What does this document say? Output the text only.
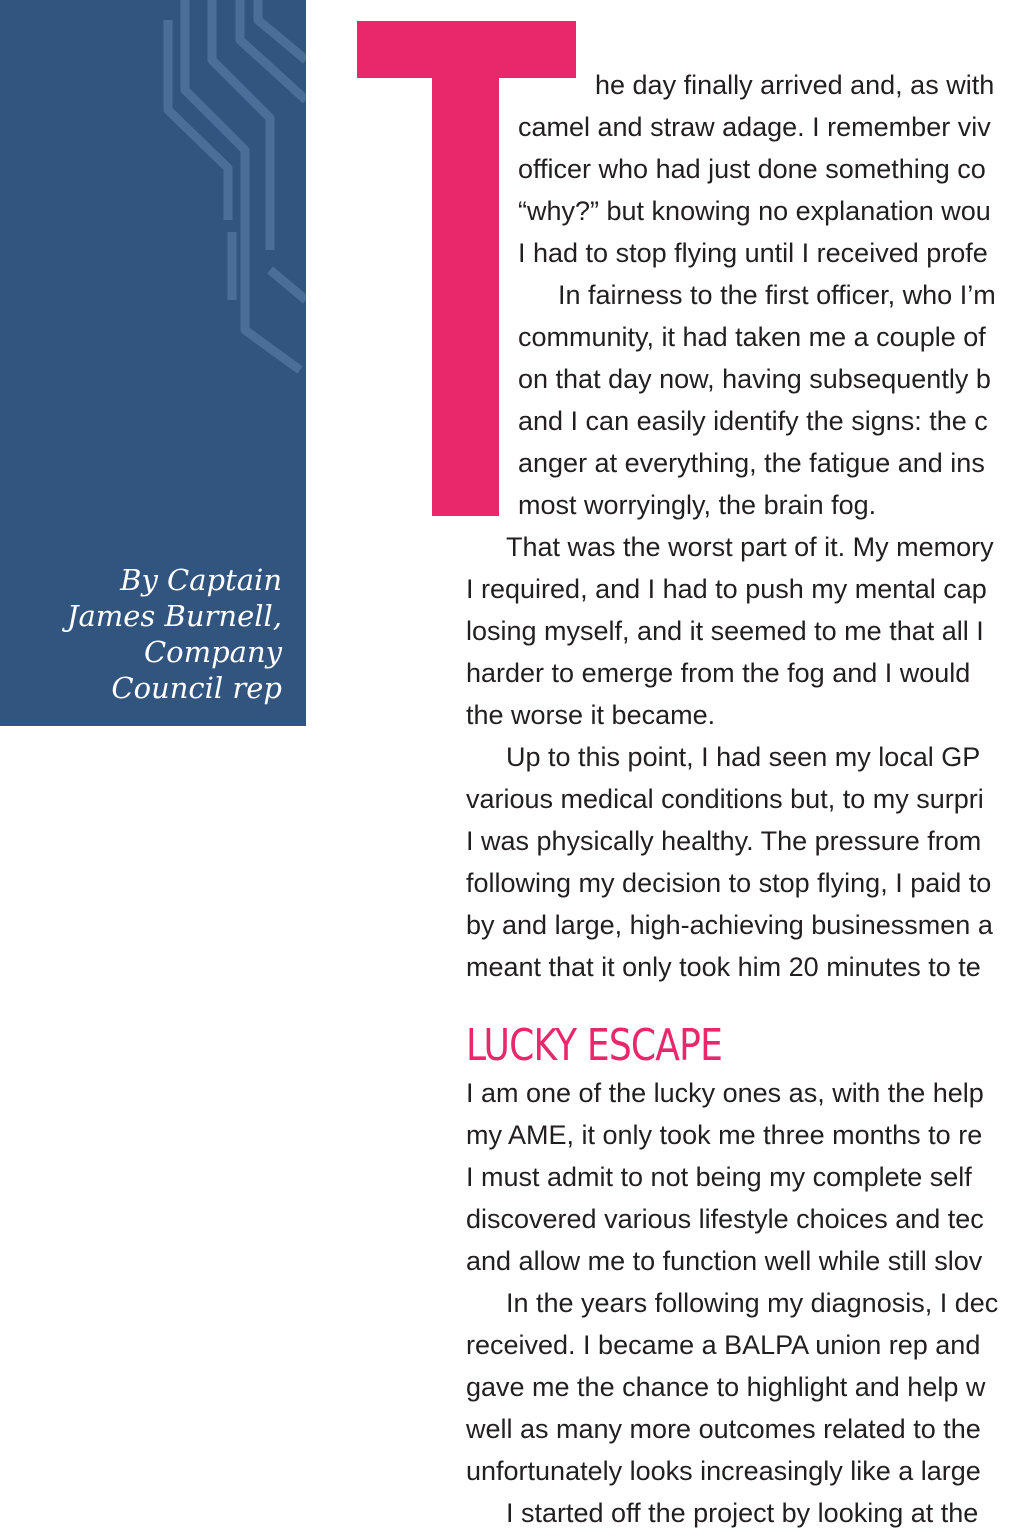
By Captain
James Burnell,
Company
Council rep
he day finally arrived and, as with
camel and straw adage. I remember viv
officer who had just done something co
“why?” but knowing no explanation wou
I had to stop flying until I received profe
In fairness to the first officer, who I’m
community, it had taken me a couple of
on that day now, having subsequently b
and I can easily identify the signs: the c
anger at everything, the fatigue and ins
most worryingly, the brain fog.
That was the worst part of it. My memory
I required, and I had to push my mental cap
losing myself, and it seemed to me that all I
harder to emerge from the fog and I would
the worse it became.
Up to this point, I had seen my local GP
various medical conditions but, to my surpri
I was physically healthy. The pressure from
following my decision to stop flying, I paid to
by and large, high-achieving businessmen a
meant that it only took him 20 minutes to te
LUCKY ESCAPE
I am one of the lucky ones as, with the help
my AME, it only took me three months to re
I must admit to not being my complete self
discovered various lifestyle choices and tec
and allow me to function well while still slov
In the years following my diagnosis, I dec
received. I became a BALPA union rep and
gave me the chance to highlight and help w
well as many more outcomes related to the
unfortunately looks increasingly like a large
I started off the project by looking at the
